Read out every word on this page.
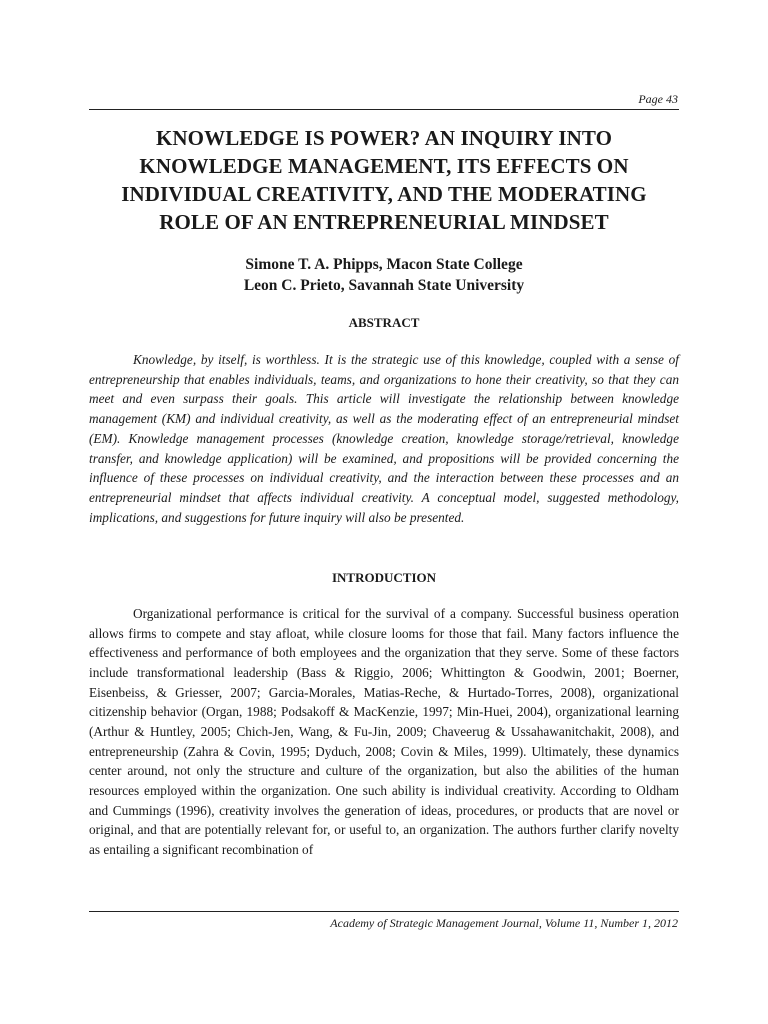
Page 43
KNOWLEDGE IS POWER? AN INQUIRY INTO KNOWLEDGE MANAGEMENT, ITS EFFECTS ON INDIVIDUAL CREATIVITY, AND THE MODERATING ROLE OF AN ENTREPRENEURIAL MINDSET
Simone T. A. Phipps, Macon State College
Leon C. Prieto, Savannah State University
ABSTRACT

Knowledge, by itself, is worthless. It is the strategic use of this knowledge, coupled with a sense of entrepreneurship that enables individuals, teams, and organizations to hone their creativity, so that they can meet and even surpass their goals. This article will investigate the relationship between knowledge management (KM) and individual creativity, as well as the moderating effect of an entrepreneurial mindset (EM). Knowledge management processes (knowledge creation, knowledge storage/retrieval, knowledge transfer, and knowledge application) will be examined, and propositions will be provided concerning the influence of these processes on individual creativity, and the interaction between these processes and an entrepreneurial mindset that affects individual creativity. A conceptual model, suggested methodology, implications, and suggestions for future inquiry will also be presented.

INTRODUCTION

Organizational performance is critical for the survival of a company. Successful business operation allows firms to compete and stay afloat, while closure looms for those that fail. Many factors influence the effectiveness and performance of both employees and the organization that they serve. Some of these factors include transformational leadership (Bass & Riggio, 2006; Whittington & Goodwin, 2001; Boerner, Eisenbeiss, & Griesser, 2007; Garcia-Morales, Matias-Reche, & Hurtado-Torres, 2008), organizational citizenship behavior (Organ, 1988; Podsakoff & MacKenzie, 1997; Min-Huei, 2004), organizational learning (Arthur & Huntley, 2005; Chich-Jen, Wang, & Fu-Jin, 2009; Chaveerug & Ussahawanitchakit, 2008), and entrepreneurship (Zahra & Covin, 1995; Dyduch, 2008; Covin & Miles, 1999). Ultimately, these dynamics center around, not only the structure and culture of the organization, but also the abilities of the human resources employed within the organization. One such ability is individual creativity. According to Oldham and Cummings (1996), creativity involves the generation of ideas, procedures, or products that are novel or original, and that are potentially relevant for, or useful to, an organization. The authors further clarify novelty as entailing a significant recombination of

Academy of Strategic Management Journal, Volume 11, Number 1, 2012
